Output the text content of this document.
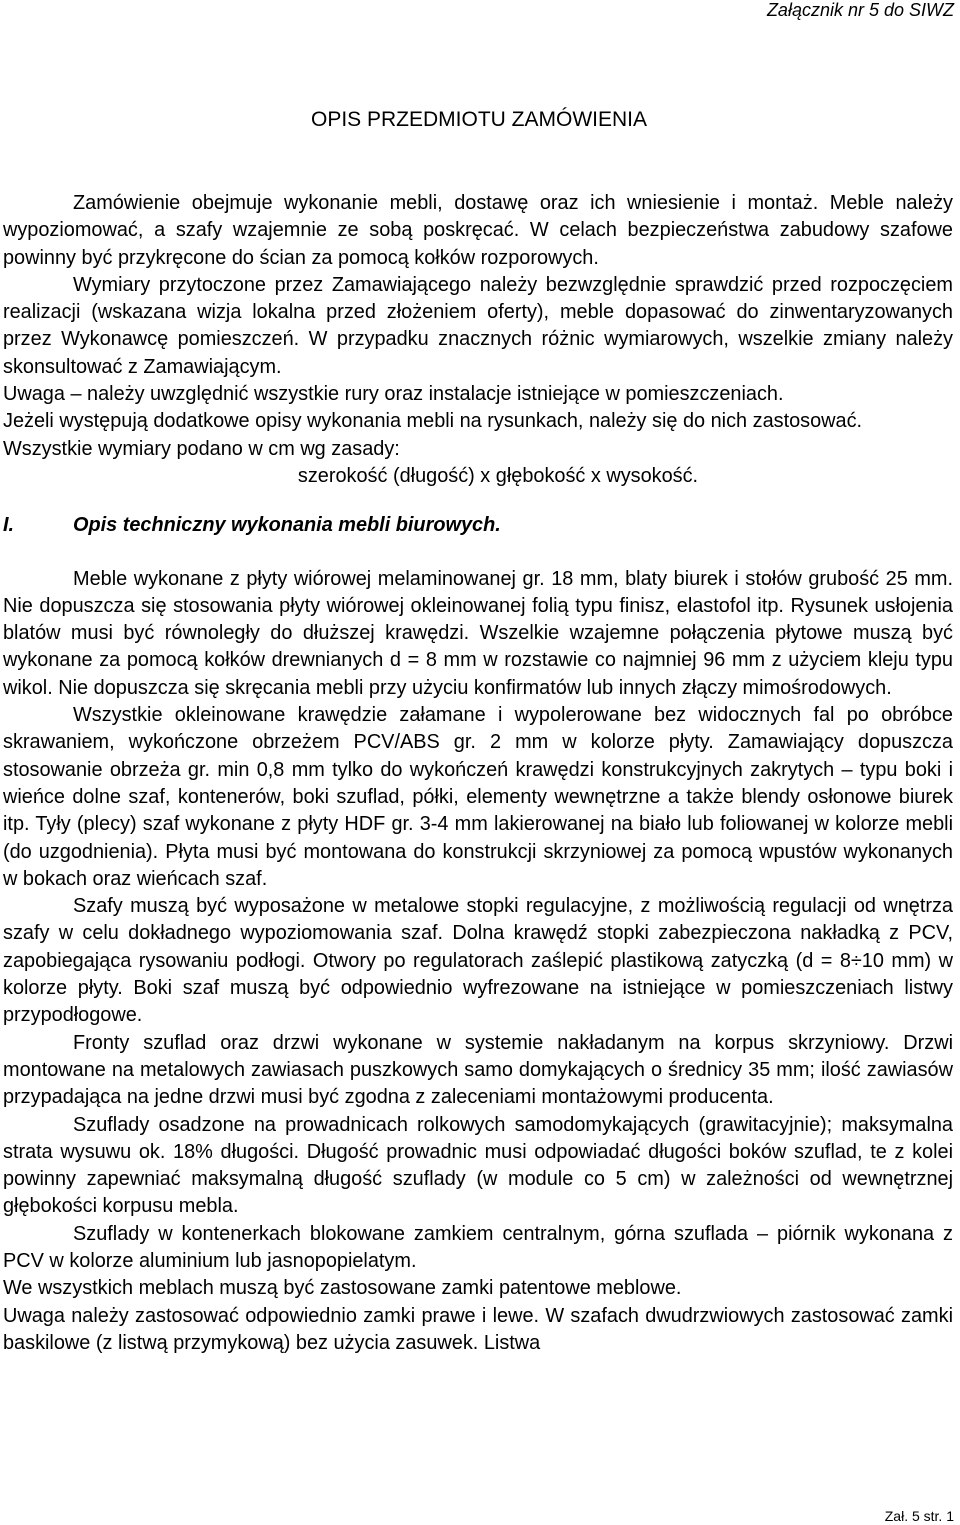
Załącznik nr 5 do SIWZ
OPIS PRZEDMIOTU ZAMÓWIENIA

Zamówienie obejmuje wykonanie mebli, dostawę oraz ich wniesienie i montaż. Meble należy wypoziomować, a szafy wzajemnie ze sobą poskręcać. W celach bezpieczeństwa zabudowy szafowe powinny być przykręcone do ścian za pomocą kołków rozporowych.

Wymiary przytoczone przez Zamawiającego należy bezwzględnie sprawdzić przed rozpoczęciem realizacji (wskazana wizja lokalna przed złożeniem oferty), meble dopasować do zinwentaryzowanych przez Wykonawcę pomieszczeń. W przypadku znacznych różnic wymiarowych, wszelkie zmiany należy skonsultować z Zamawiającym.

Uwaga – należy uwzględnić wszystkie rury oraz instalacje istniejące w pomieszczeniach.

Jeżeli występują dodatkowe opisy wykonania mebli na rysunkach, należy się do nich zastosować.

Wszystkie wymiary podano w cm wg zasady:

szerokość (długość) x głębokość x wysokość.

I.	Opis techniczny wykonania mebli biurowych.

Meble wykonane z płyty wiórowej melaminowanej gr. 18 mm, blaty biurek i stołów grubość 25 mm. Nie dopuszcza się stosowania płyty wiórowej okleinowanej folią typu finisz, elastofol itp. Rysunek usłojenia blatów musi być równoległy do dłuższej krawędzi. Wszelkie wzajemne połączenia płytowe muszą być wykonane za pomocą kołków drewnianych d = 8 mm w rozstawie co najmniej 96 mm z użyciem kleju typu wikol. Nie dopuszcza się skręcania mebli przy użyciu konfirmatów lub innych złączy mimośrodowych.

Wszystkie okleinowane krawędzie załamane i wypolerowane bez widocznych fal po obróbce skrawaniem, wykończone obrzeżem PCV/ABS gr. 2 mm w kolorze płyty. Zamawiający dopuszcza stosowanie obrzeża gr. min 0,8 mm tylko do wykończeń krawędzi konstrukcyjnych zakrytych – typu boki i wieńce dolne szaf, kontenerów, boki szuflad, półki, elementy wewnętrzne a także blendy osłonowe biurek itp. Tyły (plecy) szaf wykonane z płyty HDF gr. 3-4 mm lakierowanej na biało lub foliowanej w kolorze mebli (do uzgodnienia). Płyta musi być montowana do konstrukcji skrzyniowej za pomocą wpustów wykonanych w bokach oraz wieńcach szaf.

Szafy muszą być wyposażone w metalowe stopki regulacyjne, z możliwością regulacji od wnętrza szafy w celu dokładnego wypoziomowania szaf. Dolna krawędź stopki zabezpieczona nakładką z PCV, zapobiegająca rysowaniu podłogi. Otwory po regulatorach zaślepić plastikową zatyczką (d = 8÷10 mm) w kolorze płyty. Boki szaf muszą być odpowiednio wyfrezowane na istniejące w pomieszczeniach listwy przypodłogowe.

Fronty szuflad oraz drzwi wykonane w systemie nakładanym na korpus skrzyniowy. Drzwi montowane na metalowych zawiasach puszkowych samo domykających o średnicy 35 mm; ilość zawiasów przypadająca na jedne drzwi musi być zgodna z zaleceniami montażowymi producenta.

Szuflady osadzone na prowadnicach rolkowych samodomykających (grawitacyjnie); maksymalna strata wysuwu ok. 18% długości. Długość prowadnic musi odpowiadać długości boków szuflad, te z kolei powinny zapewniać maksymalną długość szuflady (w module co 5 cm) w zależności od wewnętrznej głębokości korpusu mebla.

Szuflady w kontenerkach blokowane zamkiem centralnym, górna szuflada – piórnik wykonana z PCV w kolorze aluminium lub jasnopopielatym.

We wszystkich meblach muszą być zastosowane zamki patentowe meblowe.

Uwaga należy zastosować odpowiednio zamki prawe i lewe. W szafach dwudrzwiowych zastosować zamki baskilowe (z listwą przymykową) bez użycia zasuwek. Listwa

Zał. 5 str. 1
